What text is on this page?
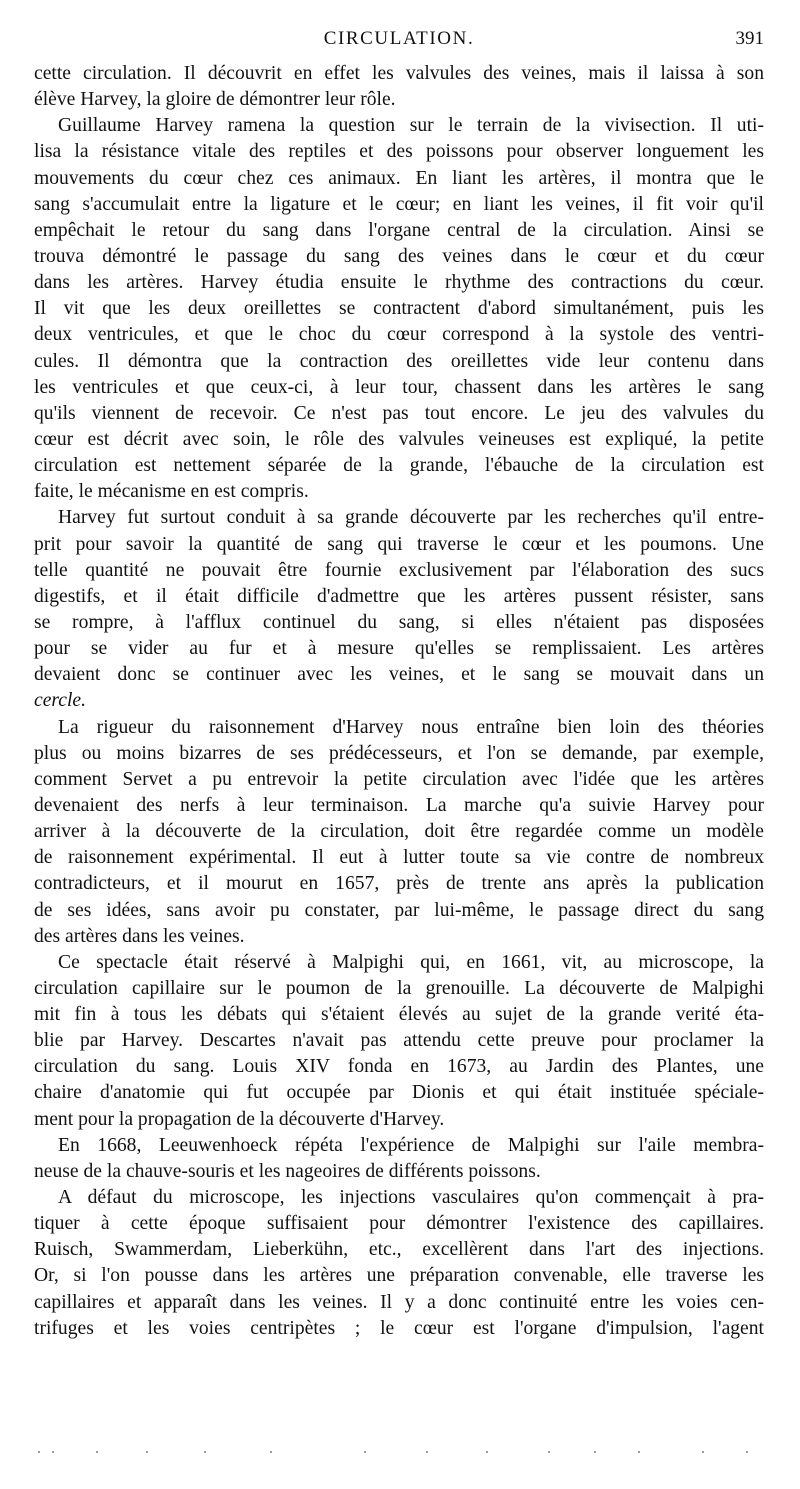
CIRCULATION.	391
cette circulation. Il découvrit en effet les valvules des veines, mais il laissa à son
élève Harvey, la gloire de démontrer leur rôle.
Guillaume Harvey ramena la question sur le terrain de la vivisection. Il uti-
lisa la résistance vitale des reptiles et des poissons pour observer longuement les
mouvements du cœur chez ces animaux. En liant les artères, il montra que le
sang s'accumulait entre la ligature et le cœur; en liant les veines, il fit voir qu'il
empêchait le retour du sang dans l'organe central de la circulation. Ainsi se
trouva démontré le passage du sang des veines dans le cœur et du cœur
dans les artères. Harvey étudia ensuite le rhythme des contractions du cœur.
Il vit que les deux oreillettes se contractent d'abord simultanément, puis les
deux ventricules, et que le choc du cœur correspond à la systole des ventri-
cules. Il démontra que la contraction des oreillettes vide leur contenu dans
les ventricules et que ceux-ci, à leur tour, chassent dans les artères le sang
qu'ils viennent de recevoir. Ce n'est pas tout encore. Le jeu des valvules du
cœur est décrit avec soin, le rôle des valvules veineuses est expliqué, la petite
circulation est nettement séparée de la grande, l'ébauche de la circulation est
faite, le mécanisme en est compris.
Harvey fut surtout conduit à sa grande découverte par les recherches qu'il entre-
prit pour savoir la quantité de sang qui traverse le cœur et les poumons. Une
telle quantité ne pouvait être fournie exclusivement par l'élaboration des sucs
digestifs, et il était difficile d'admettre que les artères pussent résister, sans
se rompre, à l'afflux continuel du sang, si elles n'étaient pas disposées
pour se vider au fur et à mesure qu'elles se remplissaient. Les artères
devaient donc se continuer avec les veines, et le sang se mouvait dans un
cercle.
La rigueur du raisonnement d'Harvey nous entraîne bien loin des théories
plus ou moins bizarres de ses prédécesseurs, et l'on se demande, par exemple,
comment Servet a pu entrevoir la petite circulation avec l'idée que les artères
devenaient des nerfs à leur terminaison. La marche qu'a suivie Harvey pour
arriver à la découverte de la circulation, doit être regardée comme un modèle
de raisonnement expérimental. Il eut à lutter toute sa vie contre de nombreux
contradicteurs, et il mourut en 1657, près de trente ans après la publication
de ses idées, sans avoir pu constater, par lui-même, le passage direct du sang
des artères dans les veines.
Ce spectacle était réservé à Malpighi qui, en 1661, vit, au microscope, la
circulation capillaire sur le poumon de la grenouille. La découverte de Malpighi
mit fin à tous les débats qui s'étaient élevés au sujet de la grande verité éta-
blie par Harvey. Descartes n'avait pas attendu cette preuve pour proclamer la
circulation du sang. Louis XIV fonda en 1673, au Jardin des Plantes, une
chaire d'anatomie qui fut occupée par Dionis et qui était instituée spéciale-
ment pour la propagation de la découverte d'Harvey.
En 1668, Leeuwenhoeck répéta l'expérience de Malpighi sur l'aile membra-
neuse de la chauve-souris et les nageoires de différents poissons.
A défaut du microscope, les injections vasculaires qu'on commençait à pra-
tiquer à cette époque suffisaient pour démontrer l'existence des capillaires.
Ruisch, Swammerdam, Lieberkühn, etc., excellèrent dans l'art des injections.
Or, si l'on pousse dans les artères une préparation convenable, elle traverse les
capillaires et apparaît dans les veines. Il y a donc continuité entre les voies cen-
trifuges et les voies centripètes ; le cœur est l'organe d'impulsion, l'agent
